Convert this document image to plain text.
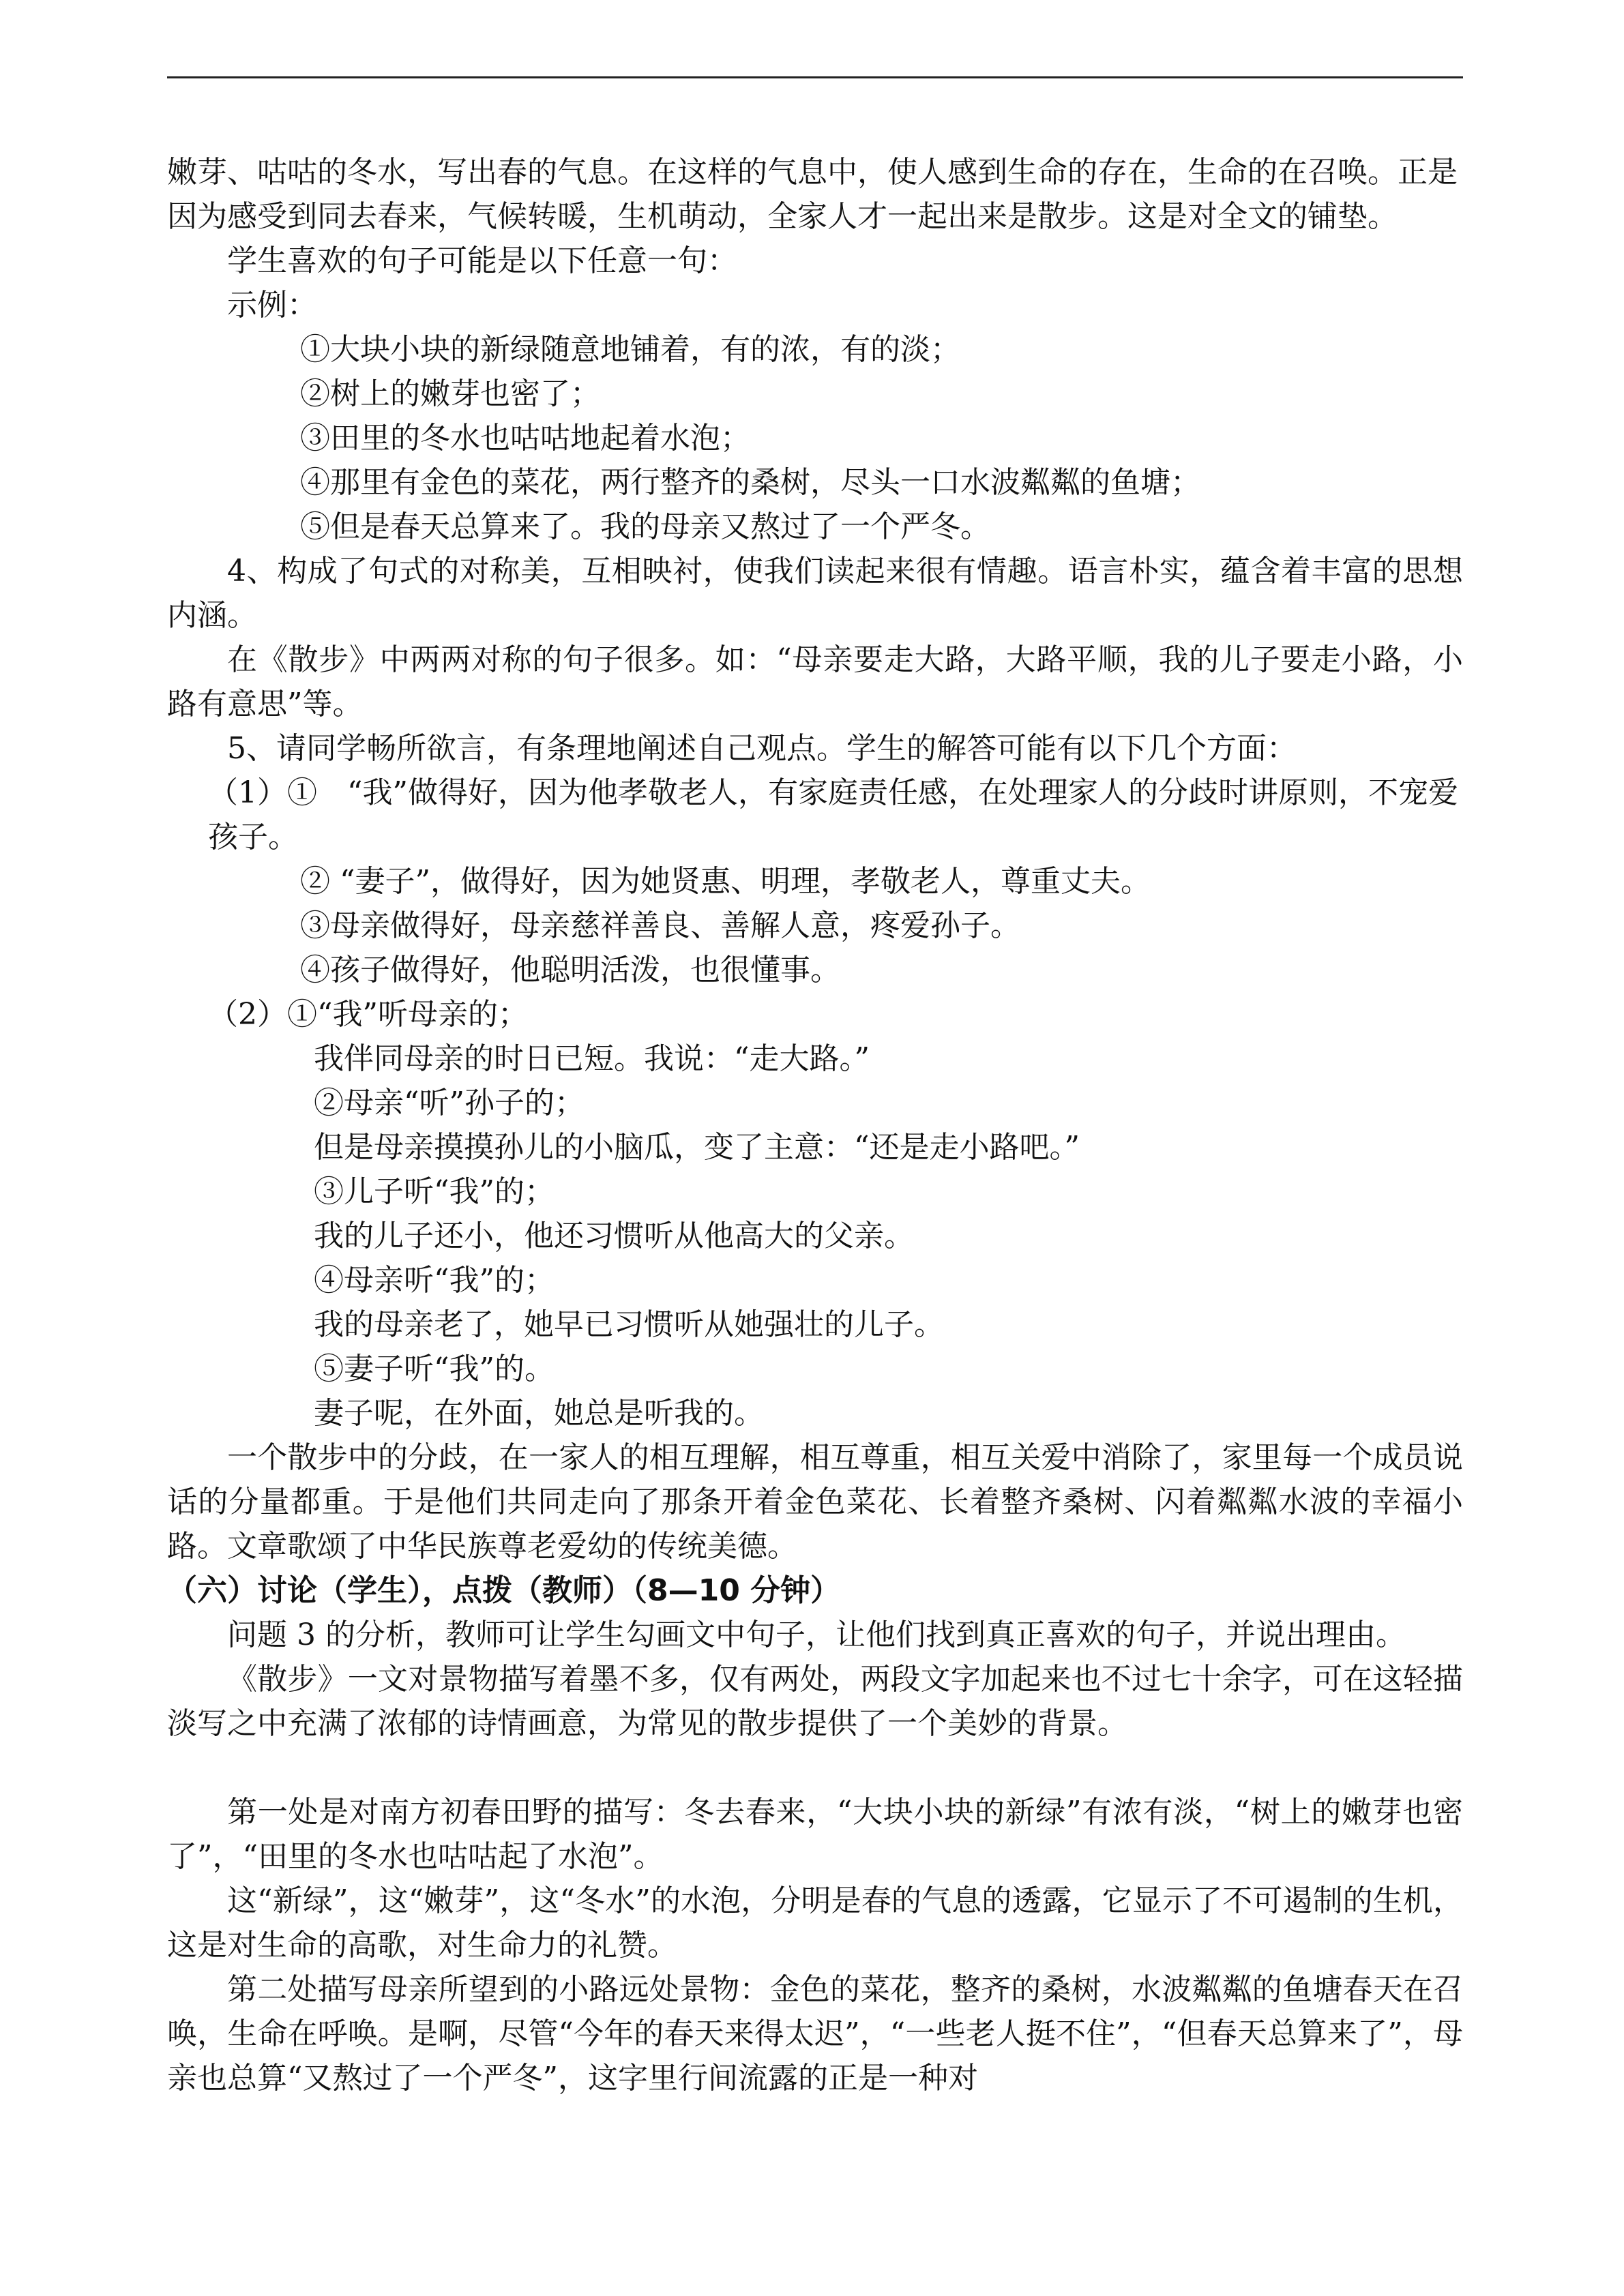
嫩芽、咕咕的冬水，写出春的气息。在这样的气息中，使人感到生命的存在，生命的在召唤。正是因为感受到同去春来，气候转暖，生机萌动，全家人才一起出来是散步。这是对全文的铺垫。

学生喜欢的句子可能是以下任意一句：

示例：

①大块小块的新绿随意地铺着，有的浓，有的淡；

②树上的嫩芽也密了；

③田里的冬水也咕咕地起着水泡；

④那里有金色的菜花，两行整齐的桑树，尽头一口水波粼粼的鱼塘；

⑤但是春天总算来了。我的母亲又熬过了一个严冬。

4、构成了句式的对称美，互相映衬，使我们读起来很有情趣。语言朴实，蕴含着丰富的思想内涵。

在《散步》中两两对称的句子很多。如：“母亲要走大路，大路平顺，我的儿子要走小路，小路有意思”等。

5、请同学畅所欲言，有条理地阐述自己观点。学生的解答可能有以下几个方面：

（1）①　“我”做得好，因为他孝敬老人，有家庭责任感，在处理家人的分歧时讲原则，不宠爱孩子。

② “妻子”，做得好，因为她贤惠、明理，孝敬老人，尊重丈夫。

③母亲做得好，母亲慈祥善良、善解人意，疼爱孙子。

④孩子做得好，他聪明活泼，也很懂事。

（2）①“我”听母亲的；

我伴同母亲的时日已短。我说：“走大路。”

②母亲“听”孙子的；

但是母亲摸摸孙儿的小脑瓜，变了主意：“还是走小路吧。”

③儿子听“我”的；

我的儿子还小，他还习惯听从他高大的父亲。

④母亲听“我”的；

我的母亲老了，她早已习惯听从她强壮的儿子。

⑤妻子听“我”的。

妻子呢，在外面，她总是听我的。

一个散步中的分歧，在一家人的相互理解，相互尊重，相互关爱中消除了，家里每一个成员说话的分量都重。于是他们共同走向了那条开着金色菜花、长着整齐桑树、闪着粼粼水波的幸福小路。文章歌颂了中华民族尊老爱幼的传统美德。

（六）讨论（学生），点拨（教师）（8—10 分钟）

问题 3 的分析，教师可让学生勾画文中句子，让他们找到真正喜欢的句子，并说出理由。

《散步》一文对景物描写着墨不多，仅有两处，两段文字加起来也不过七十余字，可在这轻描淡写之中充满了浓郁的诗情画意，为常见的散步提供了一个美妙的背景。

第一处是对南方初春田野的描写：冬去春来，“大块小块的新绿”有浓有淡，“树上的嫩芽也密了”，“田里的冬水也咕咕起了水泡”。

这“新绿”，这“嫩芽”，这“冬水”的水泡，分明是春的气息的透露，它显示了不可遏制的生机，这是对生命的高歌，对生命力的礼赞。

第二处描写母亲所望到的小路远处景物：金色的菜花，整齐的桑树，水波粼粼的鱼塘春天在召唤，生命在呼唤。是啊，尽管“今年的春天来得太迟”，“一些老人挺不住”，“但春天总算来了”，母亲也总算“又熬过了一个严冬”，这字里行间流露的正是一种对
